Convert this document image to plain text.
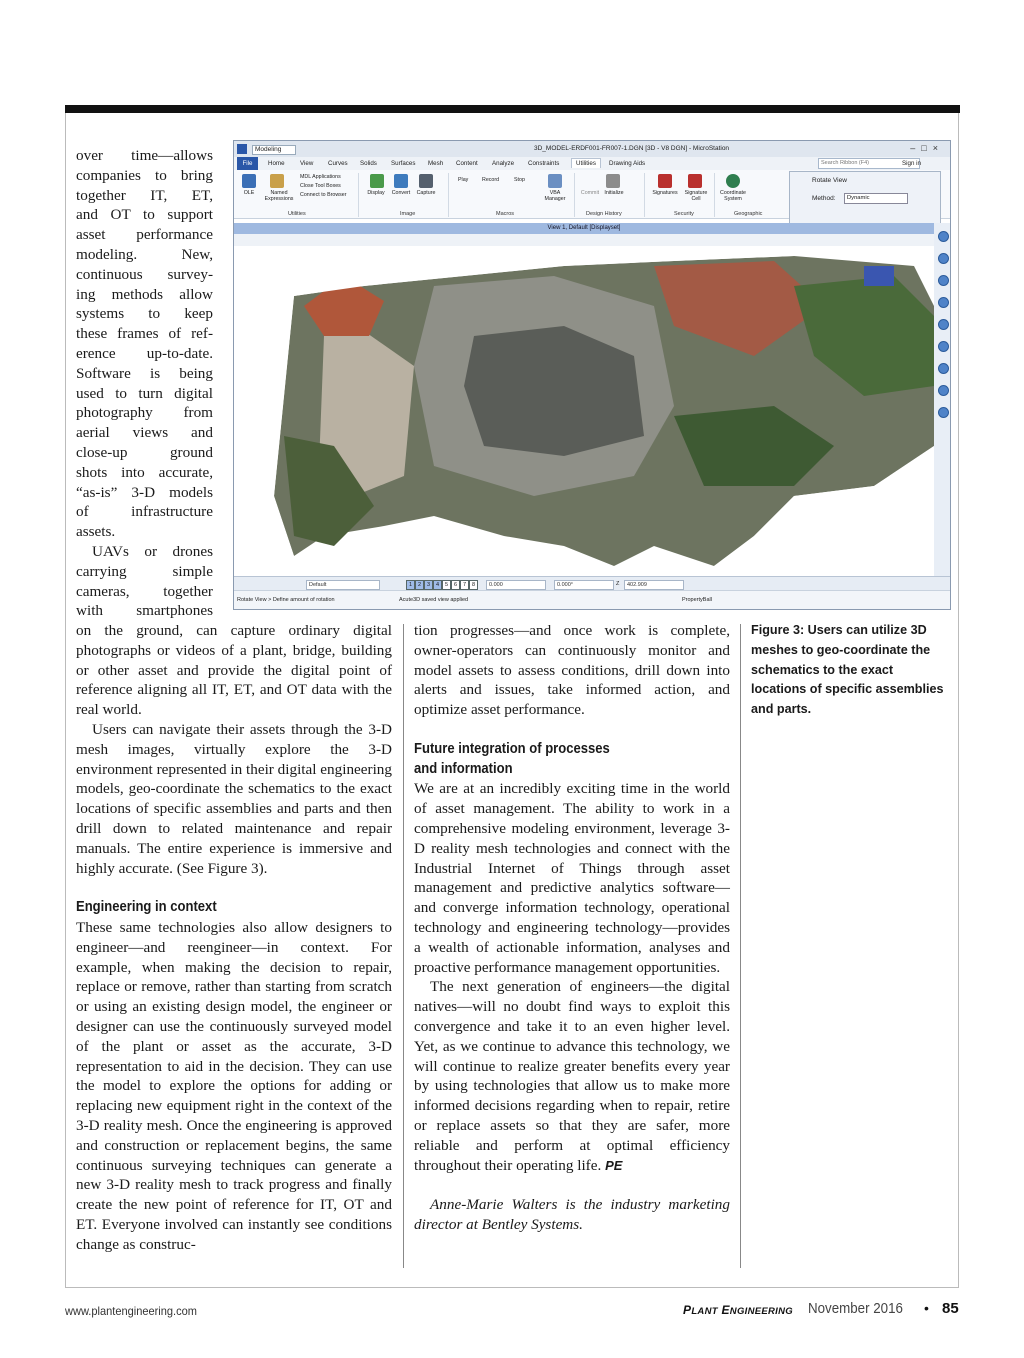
over time—allows

companies to bring

together IT, ET,

and OT to support

asset performance

modeling. New,

continuous survey-

ing methods allow

systems to keep

these frames of ref-

erence up-to-date.

Software is being

used to turn digital

photography from

aerial views and

close-up ground

shots into accurate,

“as-is” 3-D models

of infrastructure

assets.

UAVs or drones

carrying simple

cameras, together

with smartphones

Modeling	3D_MODEL-ERDF001-FR007-1.DGN [3D - V8 DGN] - MicroStation	–□×
File	Home View Curves Solids Surfaces Mesh Content Analyze Constraints	Utilities	Drawing Aids	Search Ribbon (F4)	Sign in
OLE	Named Expressions
MDL Applications
Close Tool Boxes
Connect to Browser
Utilities
Display	Convert	Capture
Image
Play	Record	Stop
VBA Manager
Macros
Commit Initialize
Design History
Signatures	Signature Cell
Security
Coordinate System
Geographic
Rotate View
Method:	Dynamic
View 1, Default [Displayset]
Default	1	2	3	4	5	6	7	8	0.000	0.000°	Z	402.909
Rotate View > Define amount of rotation	Acute3D saved view applied	PropertyBall

on the ground, can capture ordinary digital photographs or videos of a plant, bridge, building or other asset and provide the digital point of reference aligning all IT, ET, and OT data with the real world.

Users can navigate their assets through the 3-D mesh images, virtually explore the 3-D environment represented in their digital engineering models, geo-coordinate the schematics to the exact locations of specific assemblies and parts and then drill down to related maintenance and repair manuals. The entire experience is immersive and highly accurate. (See Figure 3).

Engineering in context

These same technologies also allow designers to engineer—and reengineer—in context. For example, when making the decision to repair, replace or remove, rather than starting from scratch or using an existing design model, the engineer or designer can use the continuously surveyed model of the plant or asset as the accurate, 3-D representation to aid in the decision. They can use the model to explore the options for adding or replacing new equipment right in the context of the 3-D reality mesh. Once the engineering is approved and construction or replacement begins, the same continuous surveying techniques can generate a new 3-D reality mesh to track progress and finally create the new point of reference for IT, OT and ET. Everyone involved can instantly see conditions change as construc-

tion progresses—and once work is complete, owner-operators can continuously monitor and model assets to assess conditions, drill down into alerts and issues, take informed action, and optimize asset performance.

Future integration of processes

and information

We are at an incredibly exciting time in the world of asset management. The ability to work in a comprehensive modeling environment, leverage 3-D reality mesh technologies and connect with the Industrial Internet of Things through asset management and predictive analytics software—and converge information technology, operational technology and engineering technology—provides a wealth of actionable information, analyses and proactive performance management opportunities.

The next generation of engineers—the digital natives—will no doubt find ways to exploit this convergence and take it to an even higher level. Yet, as we continue to advance this technology, we will continue to realize greater benefits every year by using technologies that allow us to make more informed decisions regarding when to repair, retire or replace assets so that they are safer, more reliable and perform at optimal efficiency throughout their operating life. PE

Anne-Marie Walters is the industry marketing director at Bentley Systems.

Figure 3: Users can utilize 3D meshes to geo-coordinate the schematics to the exact locations of specific assemblies and parts.
www.plantengineering.com	PLANT ENGINEERING November 2016 • 85
